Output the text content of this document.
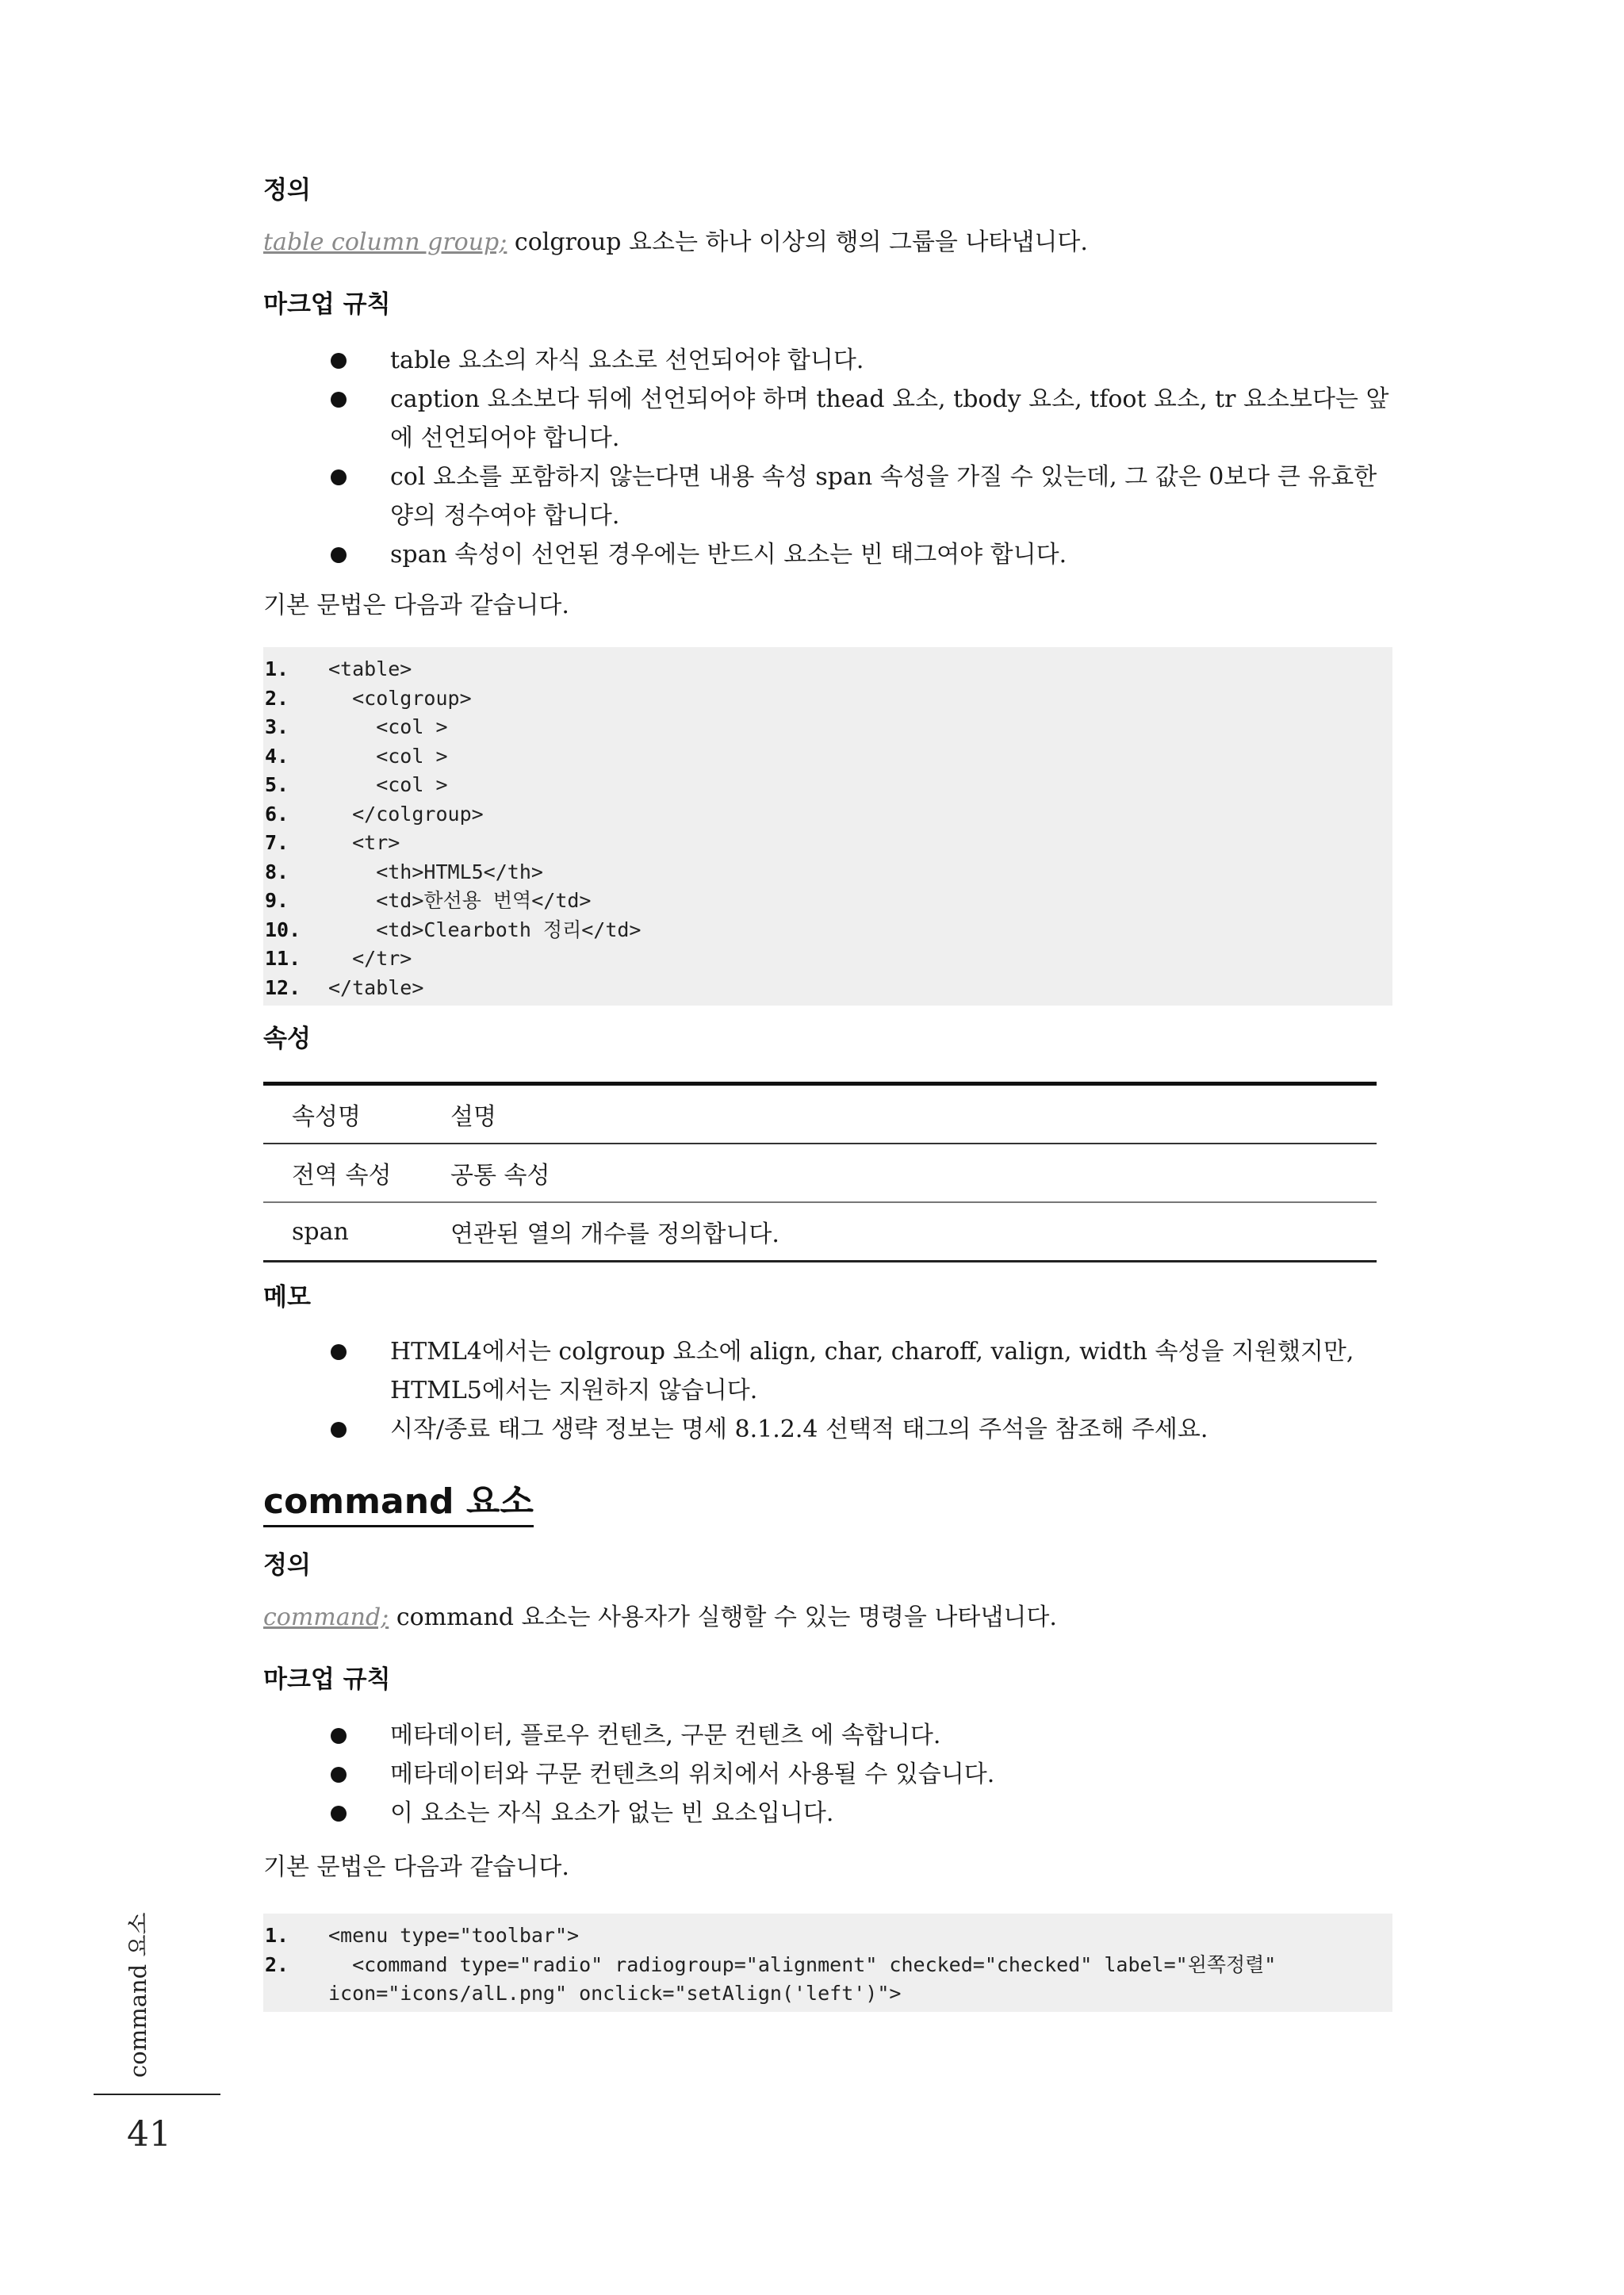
정의

table column group; colgroup 요소는 하나 이상의 행의 그룹을 나타냅니다.

마크업 규칙
table 요소의 자식 요소로 선언되어야 합니다.
caption 요소보다 뒤에 선언되어야 하며 thead 요소, tbody 요소, tfoot 요소, tr 요소보다는 앞에 선언되어야 합니다.
col 요소를 포함하지 않는다면 내용 속성 span 속성을 가질 수 있는데, 그 값은 0보다 큰 유효한 양의 정수여야 합니다.
span 속성이 선언된 경우에는 반드시 요소는 빈 태그여야 합니다.

기본 문법은 다음과 같습니다.

1.	<table>
2.	<colgroup>
3.	<col >
4.	<col >
5.	<col >
6.	</colgroup>
7.	<tr>
8.	<th>HTML5</th>
9.	<td>한선용 번역</td>
10.	<td>Clearboth 정리</td>
11.	</tr>
12.	</table>
속성
속성명	설명
전역 속성	공통 속성
span	연관된 열의 개수를 정의합니다.
메모
HTML4에서는 colgroup 요소에 align, char, charoff, valign, width 속성을 지원했지만, HTML5에서는 지원하지 않습니다.
시작/종료 태그 생략 정보는 명세 8.1.2.4 선택적 태그의 주석을 참조해 주세요.
command 요소
정의

command; command 요소는 사용자가 실행할 수 있는 명령을 나타냅니다.

마크업 규칙
메타데이터, 플로우 컨텐츠, 구문 컨텐츠 에 속합니다.
메타데이터와 구문 컨텐츠의 위치에서 사용될 수 있습니다.
이 요소는 자식 요소가 없는 빈 요소입니다.

기본 문법은 다음과 같습니다.

1.	<menu type="toolbar">
2.	<command type="radio" radiogroup="alignment" checked="checked" label="왼쪽정렬"
icon="icons/alL.png" onclick="setAlign('left')">
command 요소
41
